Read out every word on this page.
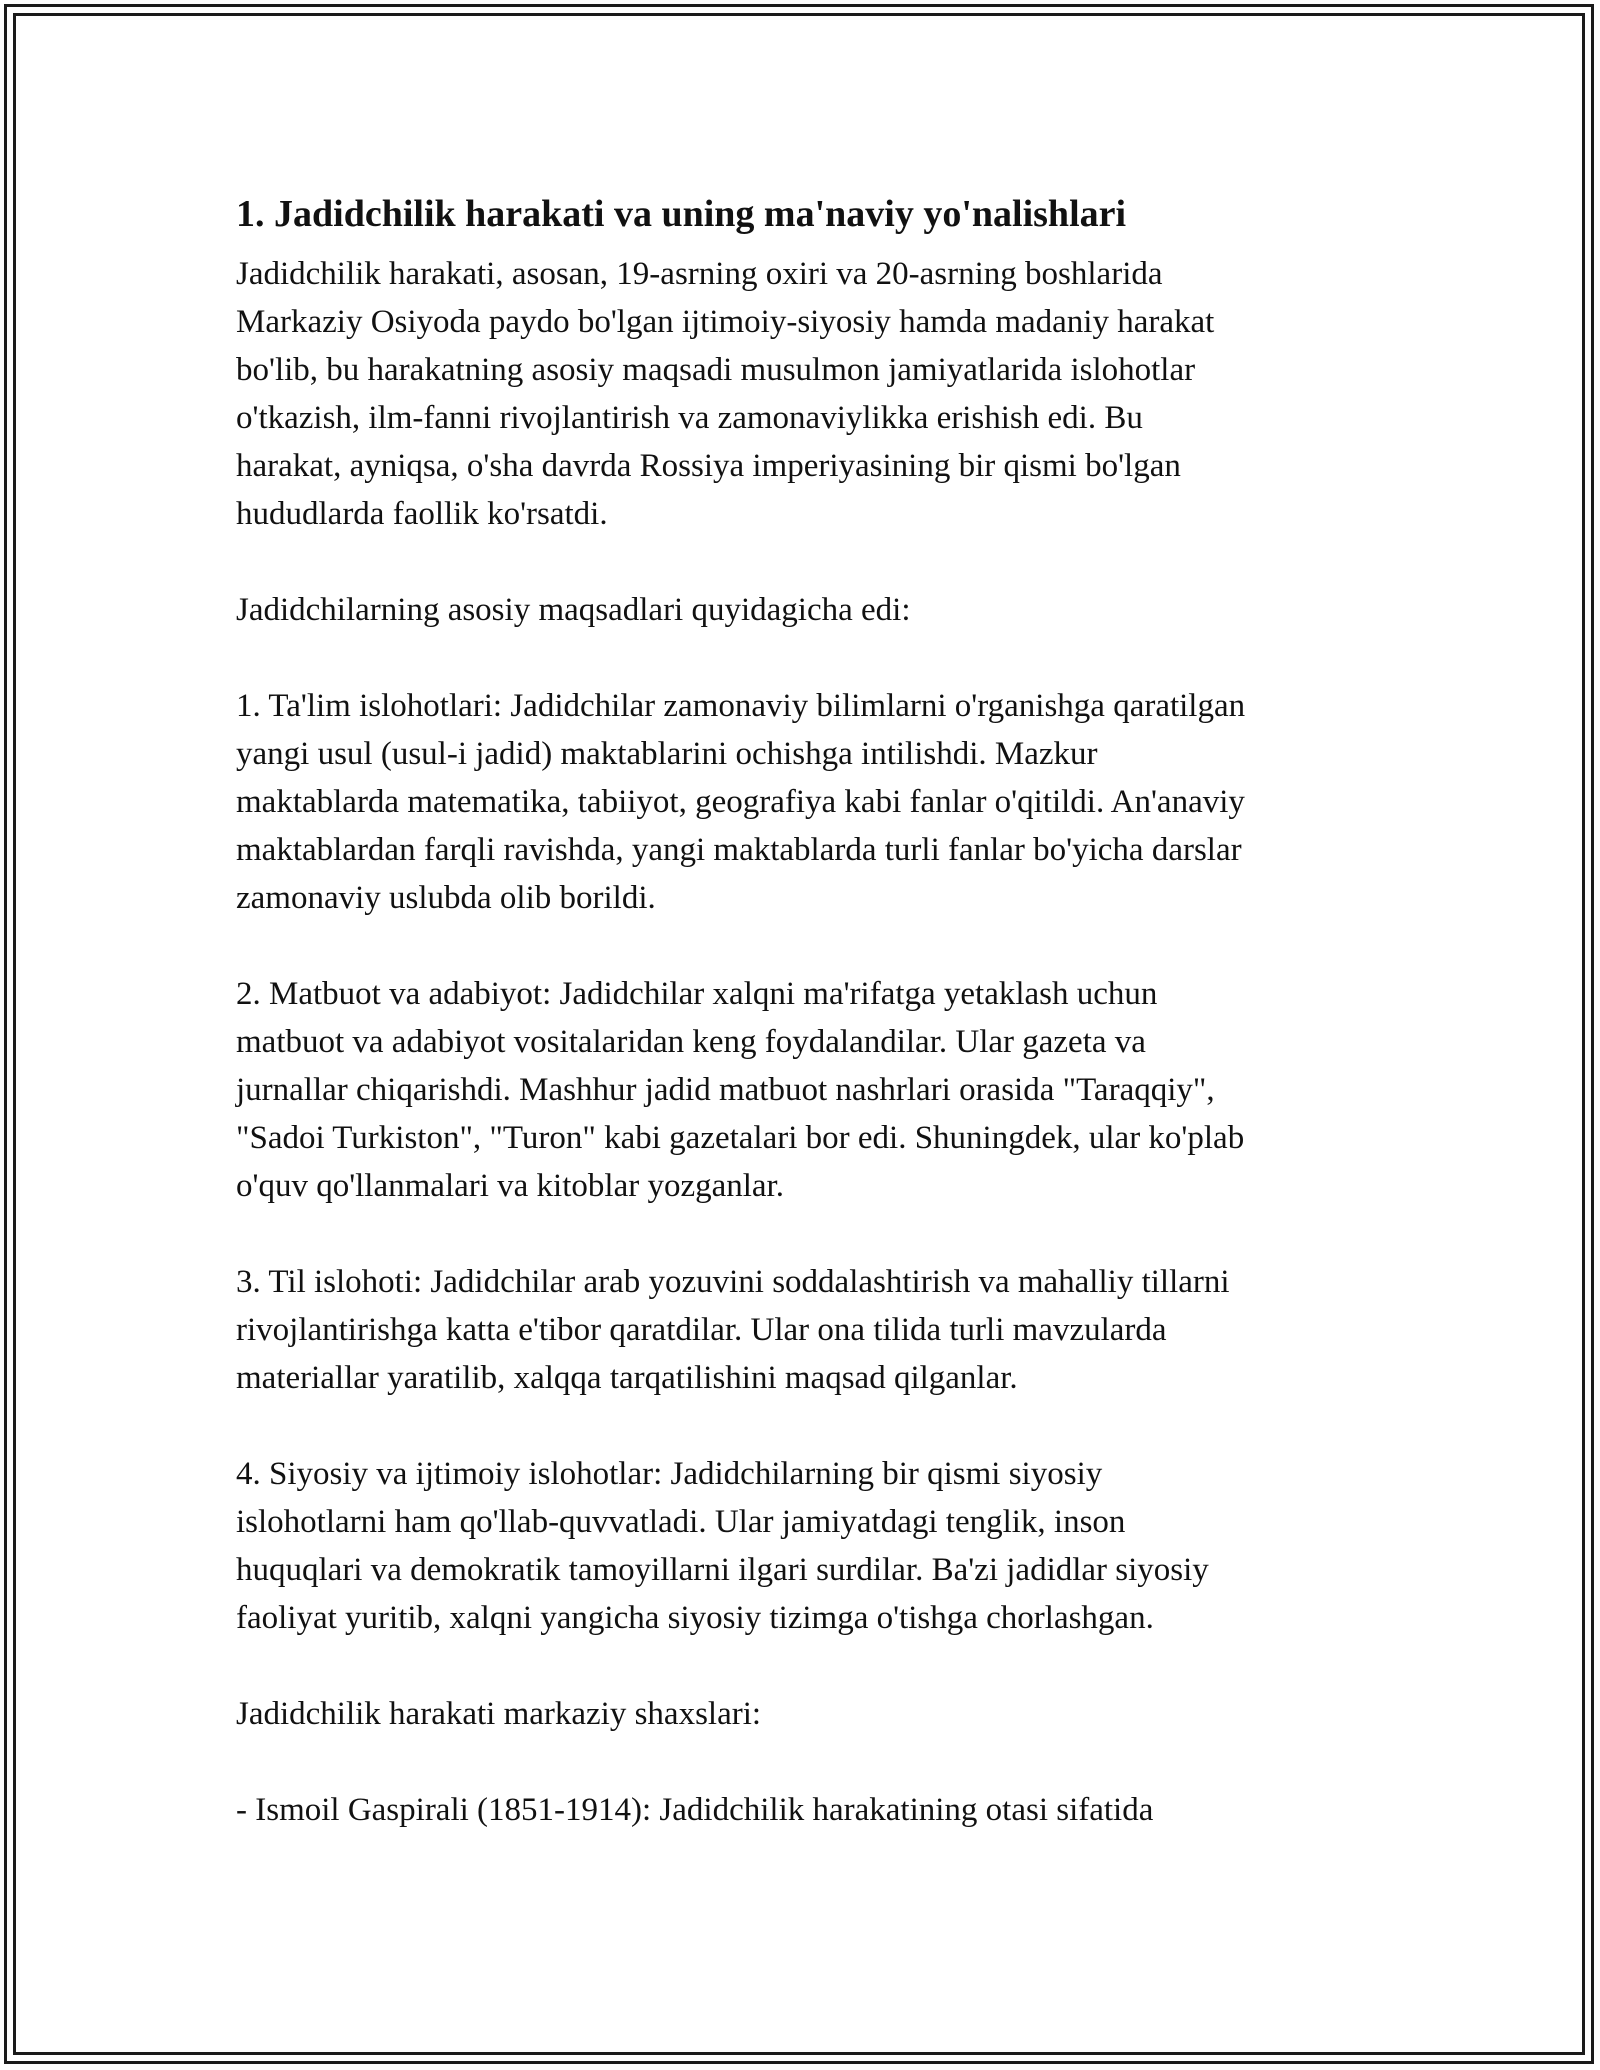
1. Jadidchilik harakati va uning ma'naviy yo'nalishlari

Jadidchilik harakati, asosan, 19-asrning oxiri va 20-asrning boshlarida
Markaziy Osiyoda paydo bo'lgan ijtimoiy-siyosiy hamda madaniy harakat
bo'lib, bu harakatning asosiy maqsadi musulmon jamiyatlarida islohotlar
o'tkazish, ilm-fanni rivojlantirish va zamonaviylikka erishish edi. Bu
harakat, ayniqsa, o'sha davrda Rossiya imperiyasining bir qismi bo'lgan
hududlarda faollik ko'rsatdi.

Jadidchilarning asosiy maqsadlari quyidagicha edi:

1. Ta'lim islohotlari: Jadidchilar zamonaviy bilimlarni o'rganishga qaratilgan
yangi usul (usul-i jadid) maktablarini ochishga intilishdi. Mazkur
maktablarda matematika, tabiiyot, geografiya kabi fanlar o'qitildi. An'anaviy
maktablardan farqli ravishda, yangi maktablarda turli fanlar bo'yicha darslar
zamonaviy uslubda olib borildi.

2. Matbuot va adabiyot: Jadidchilar xalqni ma'rifatga yetaklash uchun
matbuot va adabiyot vositalaridan keng foydalandilar. Ular gazeta va
jurnallar chiqarishdi. Mashhur jadid matbuot nashrlari orasida "Taraqqiy",
"Sadoi Turkiston", "Turon" kabi gazetalari bor edi. Shuningdek, ular ko'plab
o'quv qo'llanmalari va kitoblar yozganlar.

3. Til islohoti: Jadidchilar arab yozuvini soddalashtirish va mahalliy tillarni
rivojlantirishga katta e'tibor qaratdilar. Ular ona tilida turli mavzularda
materiallar yaratilib, xalqqa tarqatilishini maqsad qilganlar.

4. Siyosiy va ijtimoiy islohotlar: Jadidchilarning bir qismi siyosiy
islohotlarni ham qo'llab-quvvatladi. Ular jamiyatdagi tenglik, inson
huquqlari va demokratik tamoyillarni ilgari surdilar. Ba'zi jadidlar siyosiy
faoliyat yuritib, xalqni yangicha siyosiy tizimga o'tishga chorlashgan.

Jadidchilik harakati markaziy shaxslari:

- Ismoil Gaspirali (1851-1914): Jadidchilik harakatining otasi sifatida
